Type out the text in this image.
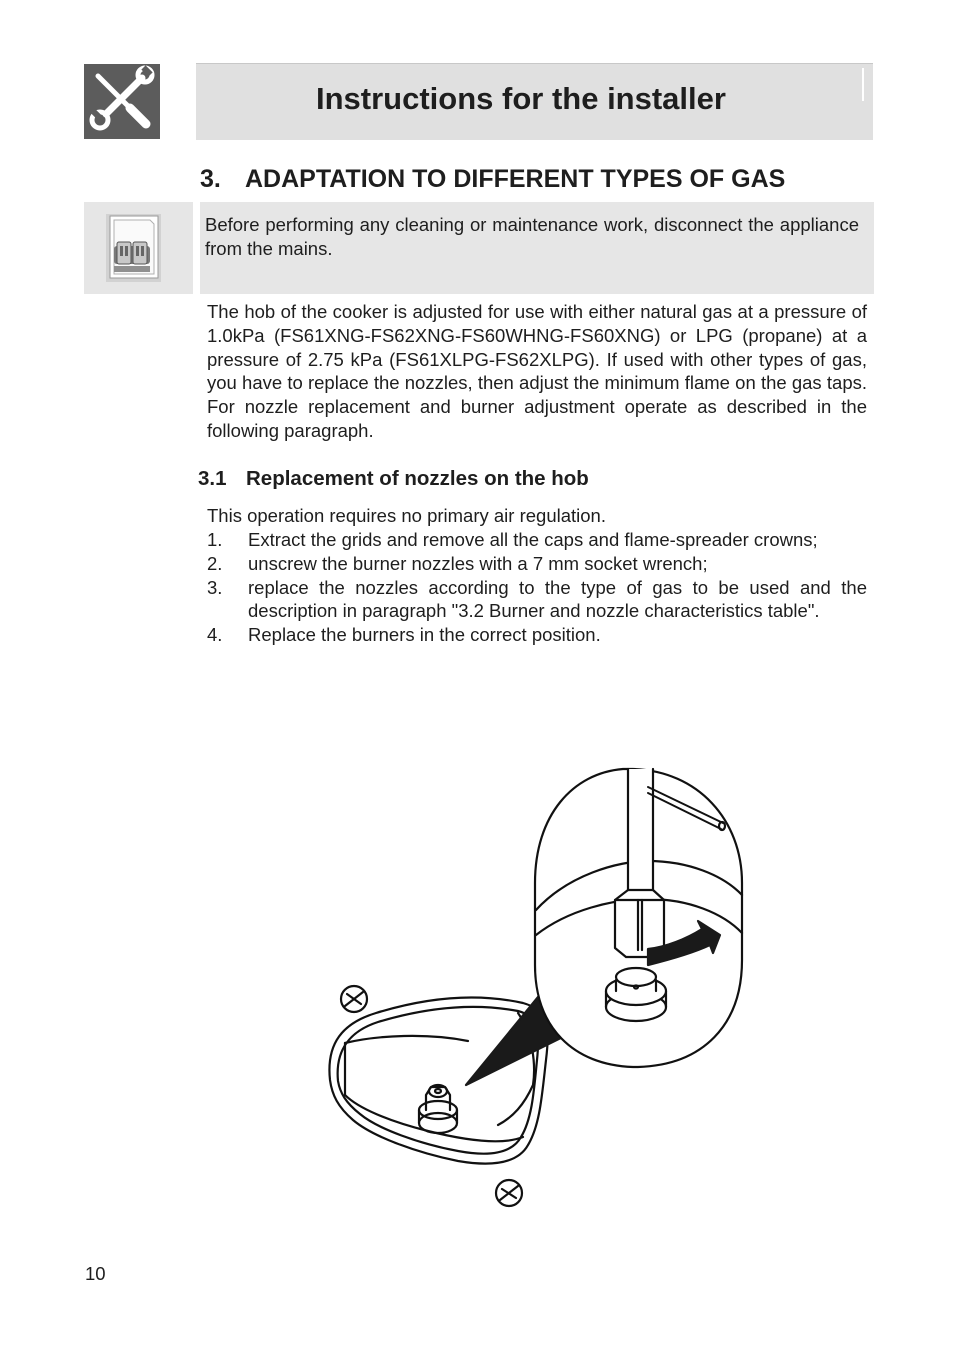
Instructions for the installer
3. ADAPTATION TO DIFFERENT TYPES OF GAS
Before performing any cleaning or maintenance work, disconnect the appliance from the mains.
The hob of the cooker is adjusted for use with either natural gas at a pressure of 1.0kPa (FS61XNG-FS62XNG-FS60WHNG-FS60XNG) or LPG (propane) at a pressure of 2.75 kPa (FS61XLPG-FS62XLPG). If used with other types of gas, you have to replace the nozzles, then adjust the minimum flame on the gas taps. For nozzle replacement and burner adjustment operate as described in the following paragraph.
3.1 Replacement of nozzles on the hob
This operation requires no primary air regulation.
1.	Extract the grids and remove all the caps and flame-spreader crowns;
2.	unscrew the burner nozzles with a 7 mm socket wrench;
3.	replace the nozzles according to the type of gas to be used and the description in paragraph "3.2 Burner and nozzle characteristics table".
4.	Replace the burners in the correct position.
10
